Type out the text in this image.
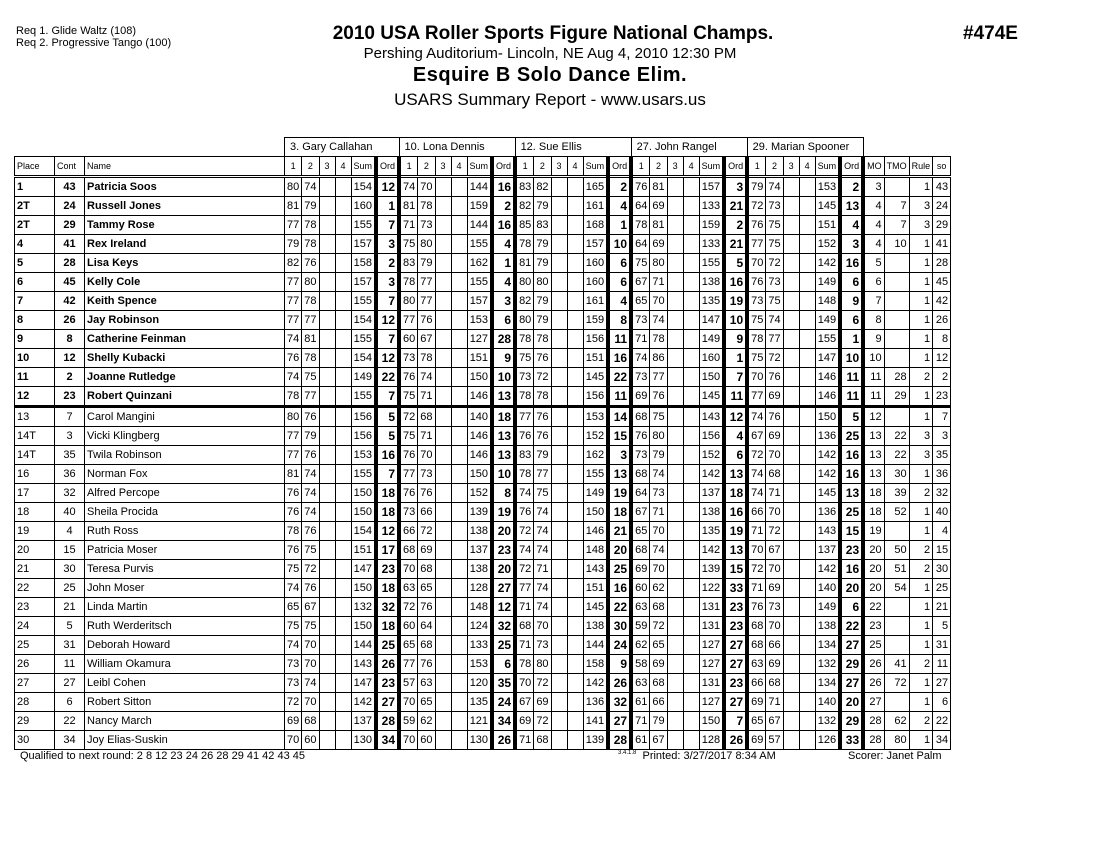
Req 1. Glide Waltz (108)
Req 2. Progressive Tango (100)	2010 USA Roller Sports Figure National Champs.
Pershing Auditorium- Lincoln, NE Aug 4, 2010 12:30 PM
Esquire B Solo Dance Elim.
USARS Summary Report - www.usars.us
#474E
			3. Gary Callahan						10. Lona Dennis						12. Sue Ellis						27. John Rangel						29. Marian Spooner									
Place	Cont	Name	1	2	3	4	Sum	Ord	1	2	3	4	Sum	Ord	1	2	3	4	Sum	Ord	1	2	3	4	Sum	Ord	1	2	3	4	Sum	Ord	MO	TMO	Rule	so
1	43	Patricia Soos	80	74			154	12	74	70			144	16	83	82			165	2	76	81			157	3	79	74			153	2	3		1	43
2T	24	Russell Jones	81	79			160	1	81	78			159	2	82	79			161	4	64	69			133	21	72	73			145	13	4	7	3	24
2T	29	Tammy Rose	77	78			155	7	71	73			144	16	85	83			168	1	78	81			159	2	76	75			151	4	4	7	3	29
4	41	Rex Ireland	79	78			157	3	75	80			155	4	78	79			157	10	64	69			133	21	77	75			152	3	4	10	1	41
5	28	Lisa Keys	82	76			158	2	83	79			162	1	81	79			160	6	75	80			155	5	70	72			142	16	5		1	28
6	45	Kelly Cole	77	80			157	3	78	77			155	4	80	80			160	6	67	71			138	16	76	73			149	6	6		1	45
7	42	Keith Spence	77	78			155	7	80	77			157	3	82	79			161	4	65	70			135	19	73	75			148	9	7		1	42
8	26	Jay Robinson	77	77			154	12	77	76			153	6	80	79			159	8	73	74			147	10	75	74			149	6	8		1	26
9	8	Catherine Feinman	74	81			155	7	60	67			127	28	78	78			156	11	71	78			149	9	78	77			155	1	9		1	8
10	12	Shelly Kubacki	76	78			154	12	73	78			151	9	75	76			151	16	74	86			160	1	75	72			147	10	10		1	12
11	2	Joanne Rutledge	74	75			149	22	76	74			150	10	73	72			145	22	73	77			150	7	70	76			146	11	11	28	2	2
12	23	Robert Quinzani	78	77			155	7	75	71			146	13	78	78			156	11	69	76			145	11	77	69			146	11	11	29	1	23
13	7	Carol Mangini	80	76			156	5	72	68			140	18	77	76			153	14	68	75			143	12	74	76			150	5	12		1	7
14T	3	Vicki Klingberg	77	79			156	5	75	71			146	13	76	76			152	15	76	80			156	4	67	69			136	25	13	22	3	3
14T	35	Twila Robinson	77	76			153	16	76	70			146	13	83	79			162	3	73	79			152	6	72	70			142	16	13	22	3	35
16	36	Norman Fox	81	74			155	7	77	73			150	10	78	77			155	13	68	74			142	13	74	68			142	16	13	30	1	36
17	32	Alfred Percope	76	74			150	18	76	76			152	8	74	75			149	19	64	73			137	18	74	71			145	13	18	39	2	32
18	40	Sheila Procida	76	74			150	18	73	66			139	19	76	74			150	18	67	71			138	16	66	70			136	25	18	52	1	40
19	4	Ruth Ross	78	76			154	12	66	72			138	20	72	74			146	21	65	70			135	19	71	72			143	15	19		1	4
20	15	Patricia Moser	76	75			151	17	68	69			137	23	74	74			148	20	68	74			142	13	70	67			137	23	20	50	2	15
21	30	Teresa Purvis	75	72			147	23	70	68			138	20	72	71			143	25	69	70			139	15	72	70			142	16	20	51	2	30
22	25	John Moser	74	76			150	18	63	65			128	27	77	74			151	16	60	62			122	33	71	69			140	20	20	54	1	25
23	21	Linda Martin	65	67			132	32	72	76			148	12	71	74			145	22	63	68			131	23	76	73			149	6	22		1	21
24	5	Ruth Werderitsch	75	75			150	18	60	64			124	32	68	70			138	30	59	72			131	23	68	70			138	22	23		1	5
25	31	Deborah Howard	74	70			144	25	65	68			133	25	71	73			144	24	62	65			127	27	68	66			134	27	25		1	31
26	11	William Okamura	73	70			143	26	77	76			153	6	78	80			158	9	58	69			127	27	63	69			132	29	26	41	2	11
27	27	Leibl Cohen	73	74			147	23	57	63			120	35	70	72			142	26	63	68			131	23	66	68			134	27	26	72	1	27
28	6	Robert Sitton	72	70			142	27	70	65			135	24	67	69			136	32	61	66			127	27	69	71			140	20	27		1	6
29	22	Nancy March	69	68			137	28	59	62			121	34	69	72			141	27	71	79			150	7	65	67			132	29	28	62	2	22
30	34	Joy Elias-Suskin	70	60			130	34	70	60			130	26	71	68			139	28	61	67			128	26	69	57			126	33	28	80	1	34
Qualified to next round: 2 8 12 23 24 26 28 29 41 42 43 45	$^{3.4.1.8}$ Printed: 3/27/2017 8:34 AM	Scorer: Janet Palm
